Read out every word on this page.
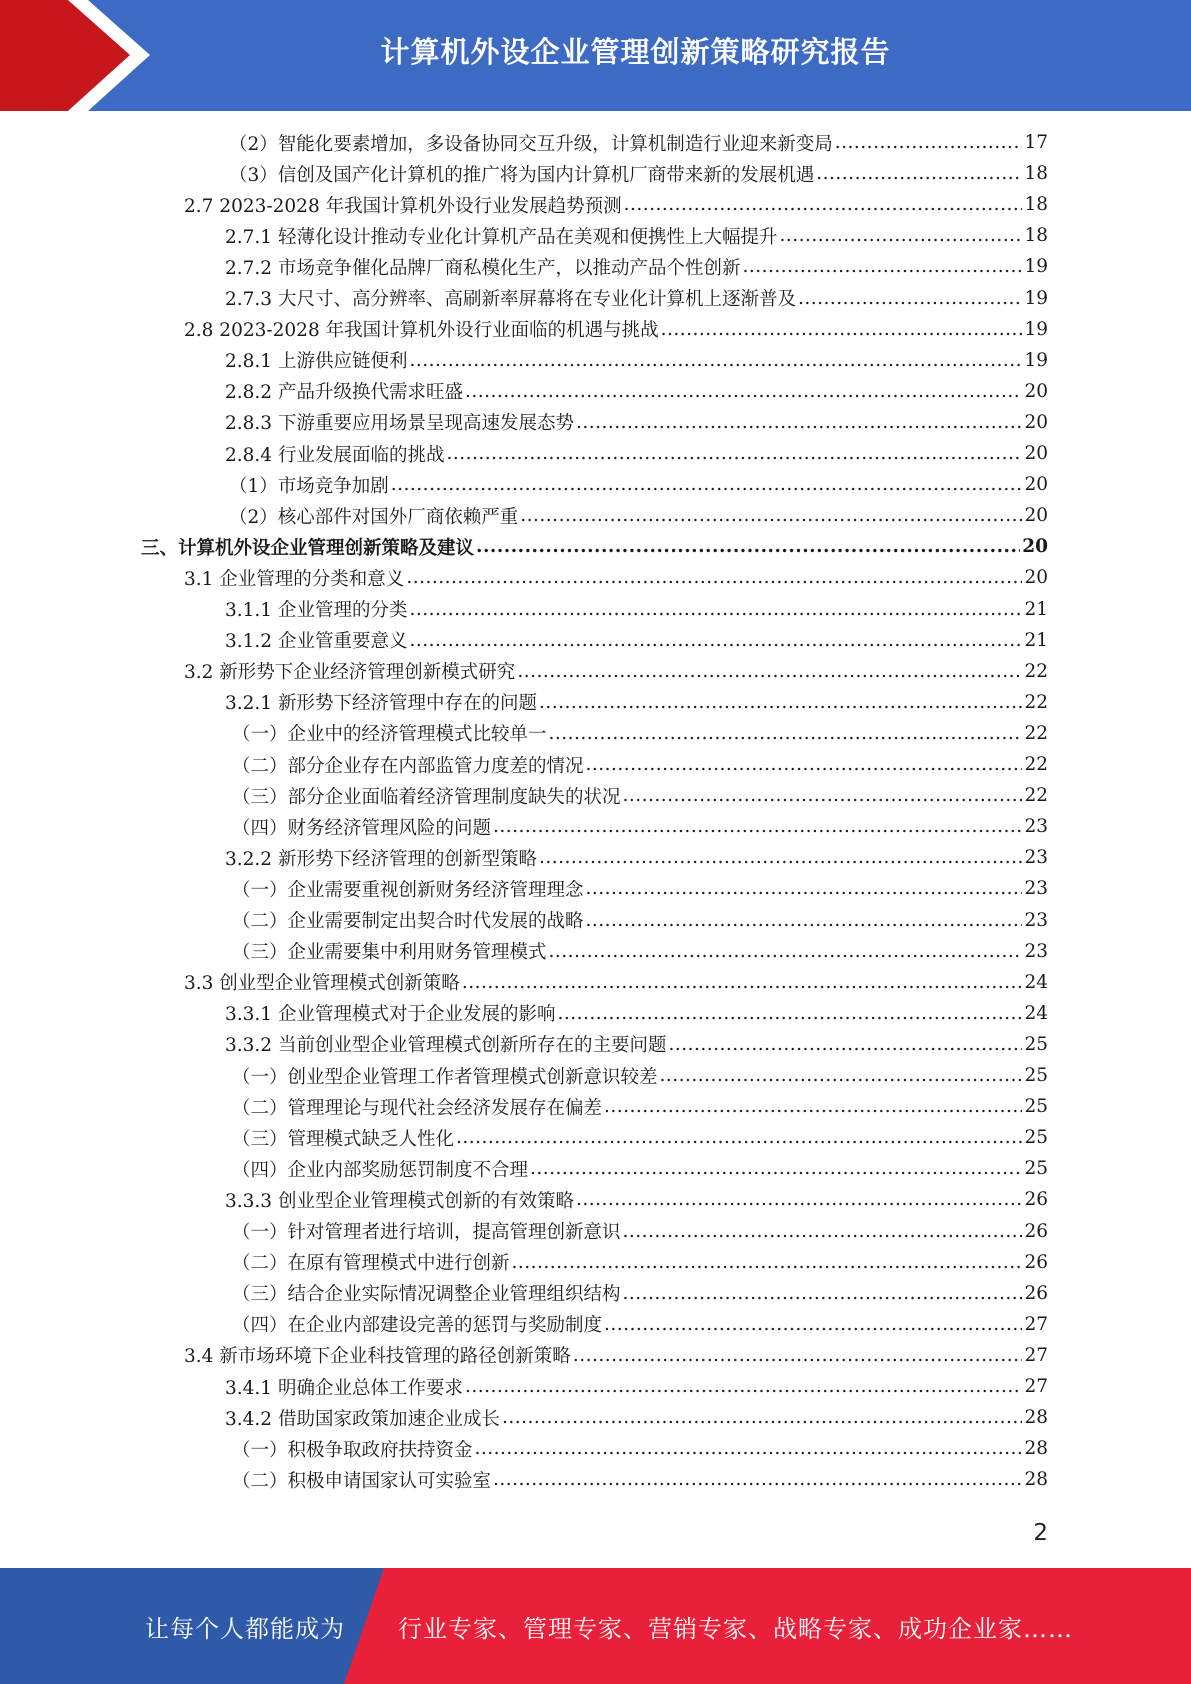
计算机外设企业管理创新策略研究报告
（2）智能化要素增加，多设备协同交互升级，计算机制造行业迎来新变局 .....	17
（3）信创及国产化计算机的推广将为国内计算机厂商带来新的发展机遇 .....	18
2.7 2023-2028 年我国计算机外设行业发展趋势预测 .....	18
2.7.1 轻薄化设计推动专业化计算机产品在美观和便携性上大幅提升 .....	18
2.7.2 市场竞争催化品牌厂商私模化生产，以推动产品个性创新 .....	19
2.7.3 大尺寸、高分辨率、高刷新率屏幕将在专业化计算机上逐渐普及 .....	19
2.8 2023-2028 年我国计算机外设行业面临的机遇与挑战 .....	19
2.8.1 上游供应链便利 .....	19
2.8.2 产品升级换代需求旺盛 .....	20
2.8.3 下游重要应用场景呈现高速发展态势 .....	20
2.8.4 行业发展面临的挑战 .....	20
（1）市场竞争加剧 .....	20
（2）核心部件对国外厂商依赖严重 .....	20
三、计算机外设企业管理创新策略及建议 .....	20
3.1 企业管理的分类和意义 .....	20
3.1.1 企业管理的分类 .....	21
3.1.2 企业管重要意义 .....	21
3.2 新形势下企业经济管理创新模式研究 .....	22
3.2.1 新形势下经济管理中存在的问题 .....	22
（一）企业中的经济管理模式比较单一 .....	22
（二）部分企业存在内部监管力度差的情况 .....	22
（三）部分企业面临着经济管理制度缺失的状况 .....	22
（四）财务经济管理风险的问题 .....	23
3.2.2 新形势下经济管理的创新型策略 .....	23
（一）企业需要重视创新财务经济管理理念 .....	23
（二）企业需要制定出契合时代发展的战略 .....	23
（三）企业需要集中利用财务管理模式 .....	23
3.3 创业型企业管理模式创新策略 .....	24
3.3.1 企业管理模式对于企业发展的影响 .....	24
3.3.2 当前创业型企业管理模式创新所存在的主要问题 .....	25
（一）创业型企业管理工作者管理模式创新意识较差 .....	25
（二）管理理论与现代社会经济发展存在偏差 .....	25
（三）管理模式缺乏人性化 .....	25
（四）企业内部奖励惩罚制度不合理 .....	25
3.3.3 创业型企业管理模式创新的有效策略 .....	26
（一）针对管理者进行培训，提高管理创新意识 .....	26
（二）在原有管理模式中进行创新 .....	26
（三）结合企业实际情况调整企业管理组织结构 .....	26
（四）在企业内部建设完善的惩罚与奖励制度 .....	27
3.4 新市场环境下企业科技管理的路径创新策略 .....	27
3.4.1 明确企业总体工作要求 .....	27
3.4.2 借助国家政策加速企业成长 .....	28
（一）积极争取政府扶持资金 .....	28
（二）积极申请国家认可实验室 .....	28
2
让每个人都能成为 行业专家、管理专家、营销专家、战略专家、成功企业家……
